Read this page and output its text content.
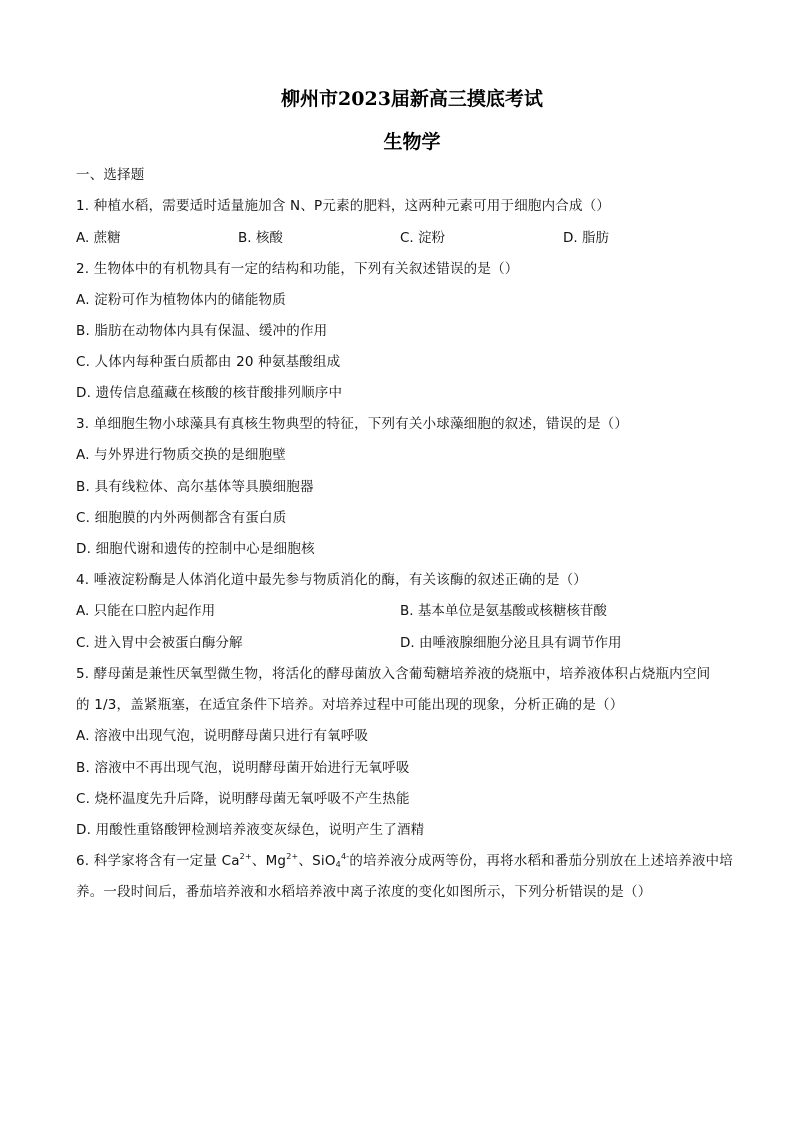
柳州市2023届新高三摸底考试
生物学
一、选择题
1. 种植水稻，需要适时适量施加含 N、P元素的肥料，这两种元素可用于细胞内合成（）
A. 蔗糖	B. 核酸	C. 淀粉	D. 脂肪
2. 生物体中的有机物具有一定的结构和功能，下列有关叙述错误的是（）
A. 淀粉可作为植物体内的储能物质
B. 脂肪在动物体内具有保温、缓冲的作用
C. 人体内每种蛋白质都由 20 种氨基酸组成
D. 遗传信息蕴藏在核酸的核苷酸排列顺序中
3. 单细胞生物小球藻具有真核生物典型的特征，下列有关小球藻细胞的叙述，错误的是（）
A. 与外界进行物质交换的是细胞壁
B. 具有线粒体、高尔基体等具膜细胞器
C. 细胞膜的内外两侧都含有蛋白质
D. 细胞代谢和遗传的控制中心是细胞核
4. 唾液淀粉酶是人体消化道中最先参与物质消化的酶，有关该酶的叙述正确的是（）
A. 只能在口腔内起作用	B. 基本单位是氨基酸或核糖核苷酸
C. 进入胃中会被蛋白酶分解	D. 由唾液腺细胞分泌且具有调节作用
5. 酵母菌是兼性厌氧型微生物，将活化的酵母菌放入含葡萄糖培养液的烧瓶中，培养液体积占烧瓶内空间
的 1/3，盖紧瓶塞，在适宜条件下培养。对培养过程中可能出现的现象，分析正确的是（）
A. 溶液中出现气泡，说明酵母菌只进行有氧呼吸
B. 溶液中不再出现气泡，说明酵母菌开始进行无氧呼吸
C. 烧杯温度先升后降，说明酵母菌无氧呼吸不产生热能
D. 用酸性重铬酸钾检测培养液变灰绿色，说明产生了酒精
6. 科学家将含有一定量 $Ca^{2+}$、$Mg^{2+}$、SiO$_4^{4-}$的培养液分成两等份，再将水稻和番茄分别放在上述培养液中培
养。一段时间后，番茄培养液和水稻培养液中离子浓度的变化如图所示，下列分析错误的是（）
